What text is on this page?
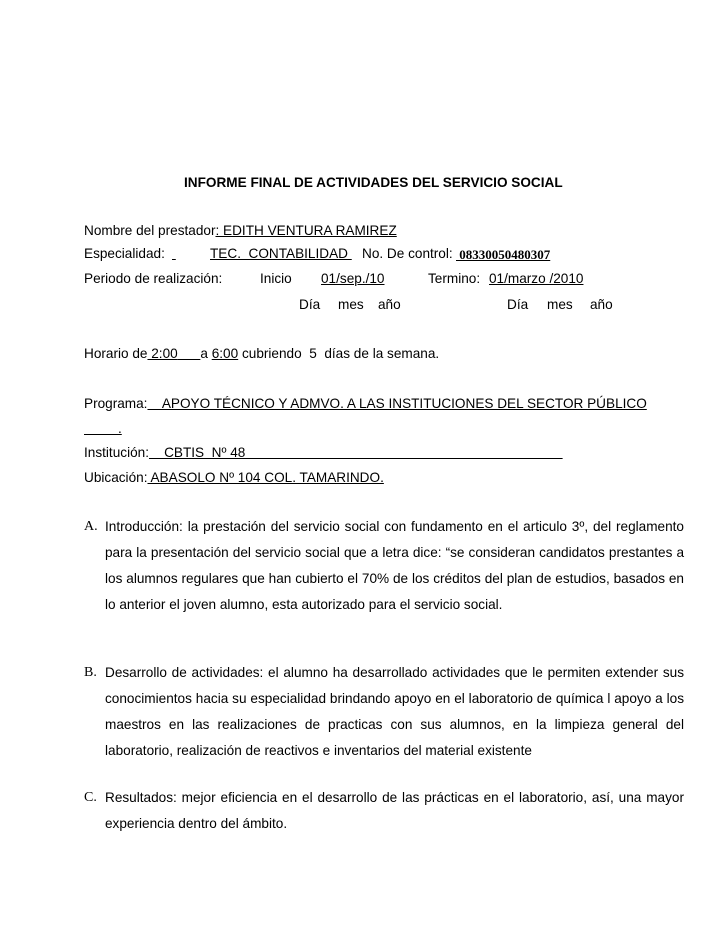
INFORME FINAL DE ACTIVIDADES DEL SERVICIO SOCIAL
Nombre del prestador: EDITH VENTURA RAMIREZ
Especialidad:
	TEC.  CONTABILIDAD No. De control: 08330050480307
Periodo de realización:	Inicio 01/sep./10	Termino: 01/marzo /2010
Día mes año	Día mes año
Horario de 2:00 a 6:00 cubriendo  5  días de la semana.
Programa:    APOYO TÉCNICO Y ADMVO. A LAS INSTITUCIONES DEL SECTOR PÚBLICO
.
Institución:    CBTIS  Nº 48
Ubicación: ABASOLO Nº 104 COL. TAMARINDO.
A. Introducción: la prestación del servicio social con fundamento en el articulo 3º, del reglamento para la presentación del servicio social que a letra dice: “se consideran candidatos prestantes a los alumnos regulares que han cubierto el 70% de los créditos del plan de estudios, basados en lo anterior el joven alumno, esta autorizado para el servicio social.
B. Desarrollo de actividades: el alumno ha desarrollado actividades que le permiten extender sus conocimientos hacia su especialidad brindando apoyo en el laboratorio de química l apoyo a los maestros en las realizaciones de practicas con sus alumnos, en la limpieza general del laboratorio, realización de reactivos e inventarios del material existente
C. Resultados: mejor eficiencia en el desarrollo de las prácticas en el laboratorio, así, una mayor experiencia dentro del ámbito.
